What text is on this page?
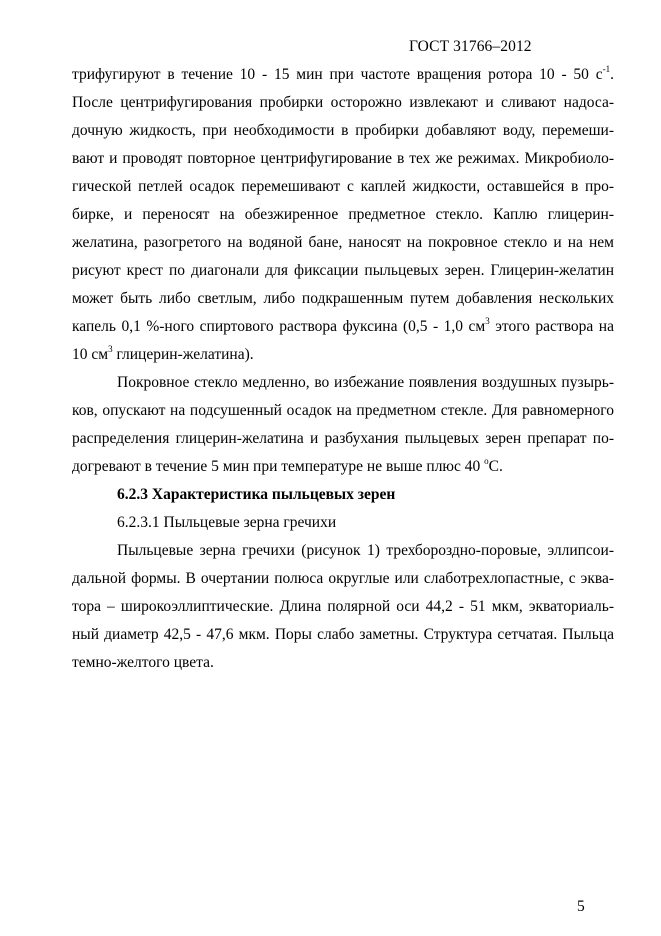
ГОСТ 31766–2012
трифугируют в течение 10 - 15 мин при частоте вращения ротора 10 - 50 $с^{-1}$.
После центрифугирования пробирки осторожно извлекают и сливают надоса-
дочную жидкость, при необходимости в пробирки добавляют воду, перемеши-
вают и проводят повторное центрифугирование в тех же режимах. Микробиоло-
гической петлей осадок перемешивают с каплей жидкости, оставшейся в про-
бирке, и переносят на обезжиренное предметное стекло. Каплю глицерин-
желатина, разогретого на водяной бане, наносят на покровное стекло и на нем
рисуют крест по диагонали для фиксации пыльцевых зерен. Глицерин-желатин
может быть либо светлым, либо подкрашенным путем добавления нескольких
капель 0,1 %-ного спиртового раствора фуксина (0,5 - 1,0 $см^3$ этого раствора на
10 $см^3$ глицерин-желатина).
Покровное стекло медленно, во избежание появления воздушных пузырь-
ков, опускают на подсушенный осадок на предметном стекле. Для равномерного
распределения глицерин-желатина и разбухания пыльцевых зерен препарат по-
догревают в течение 5 мин при температуре не выше плюс 40 $^o$С.
6.2.3 Характеристика пыльцевых зерен
6.2.3.1 Пыльцевые зерна гречихи
Пыльцевые зерна гречихи (рисунок 1) трехбороздно-поровые, эллипсои-
дальной формы. В очертании полюса округлые или слаботрехлопастные, с эква-
тора – широкоэллиптические. Длина полярной оси 44,2 - 51 мкм, экваториаль-
ный диаметр 42,5 - 47,6 мкм. Поры слабо заметны. Структура сетчатая. Пыльца
темно-желтого цвета.
5
